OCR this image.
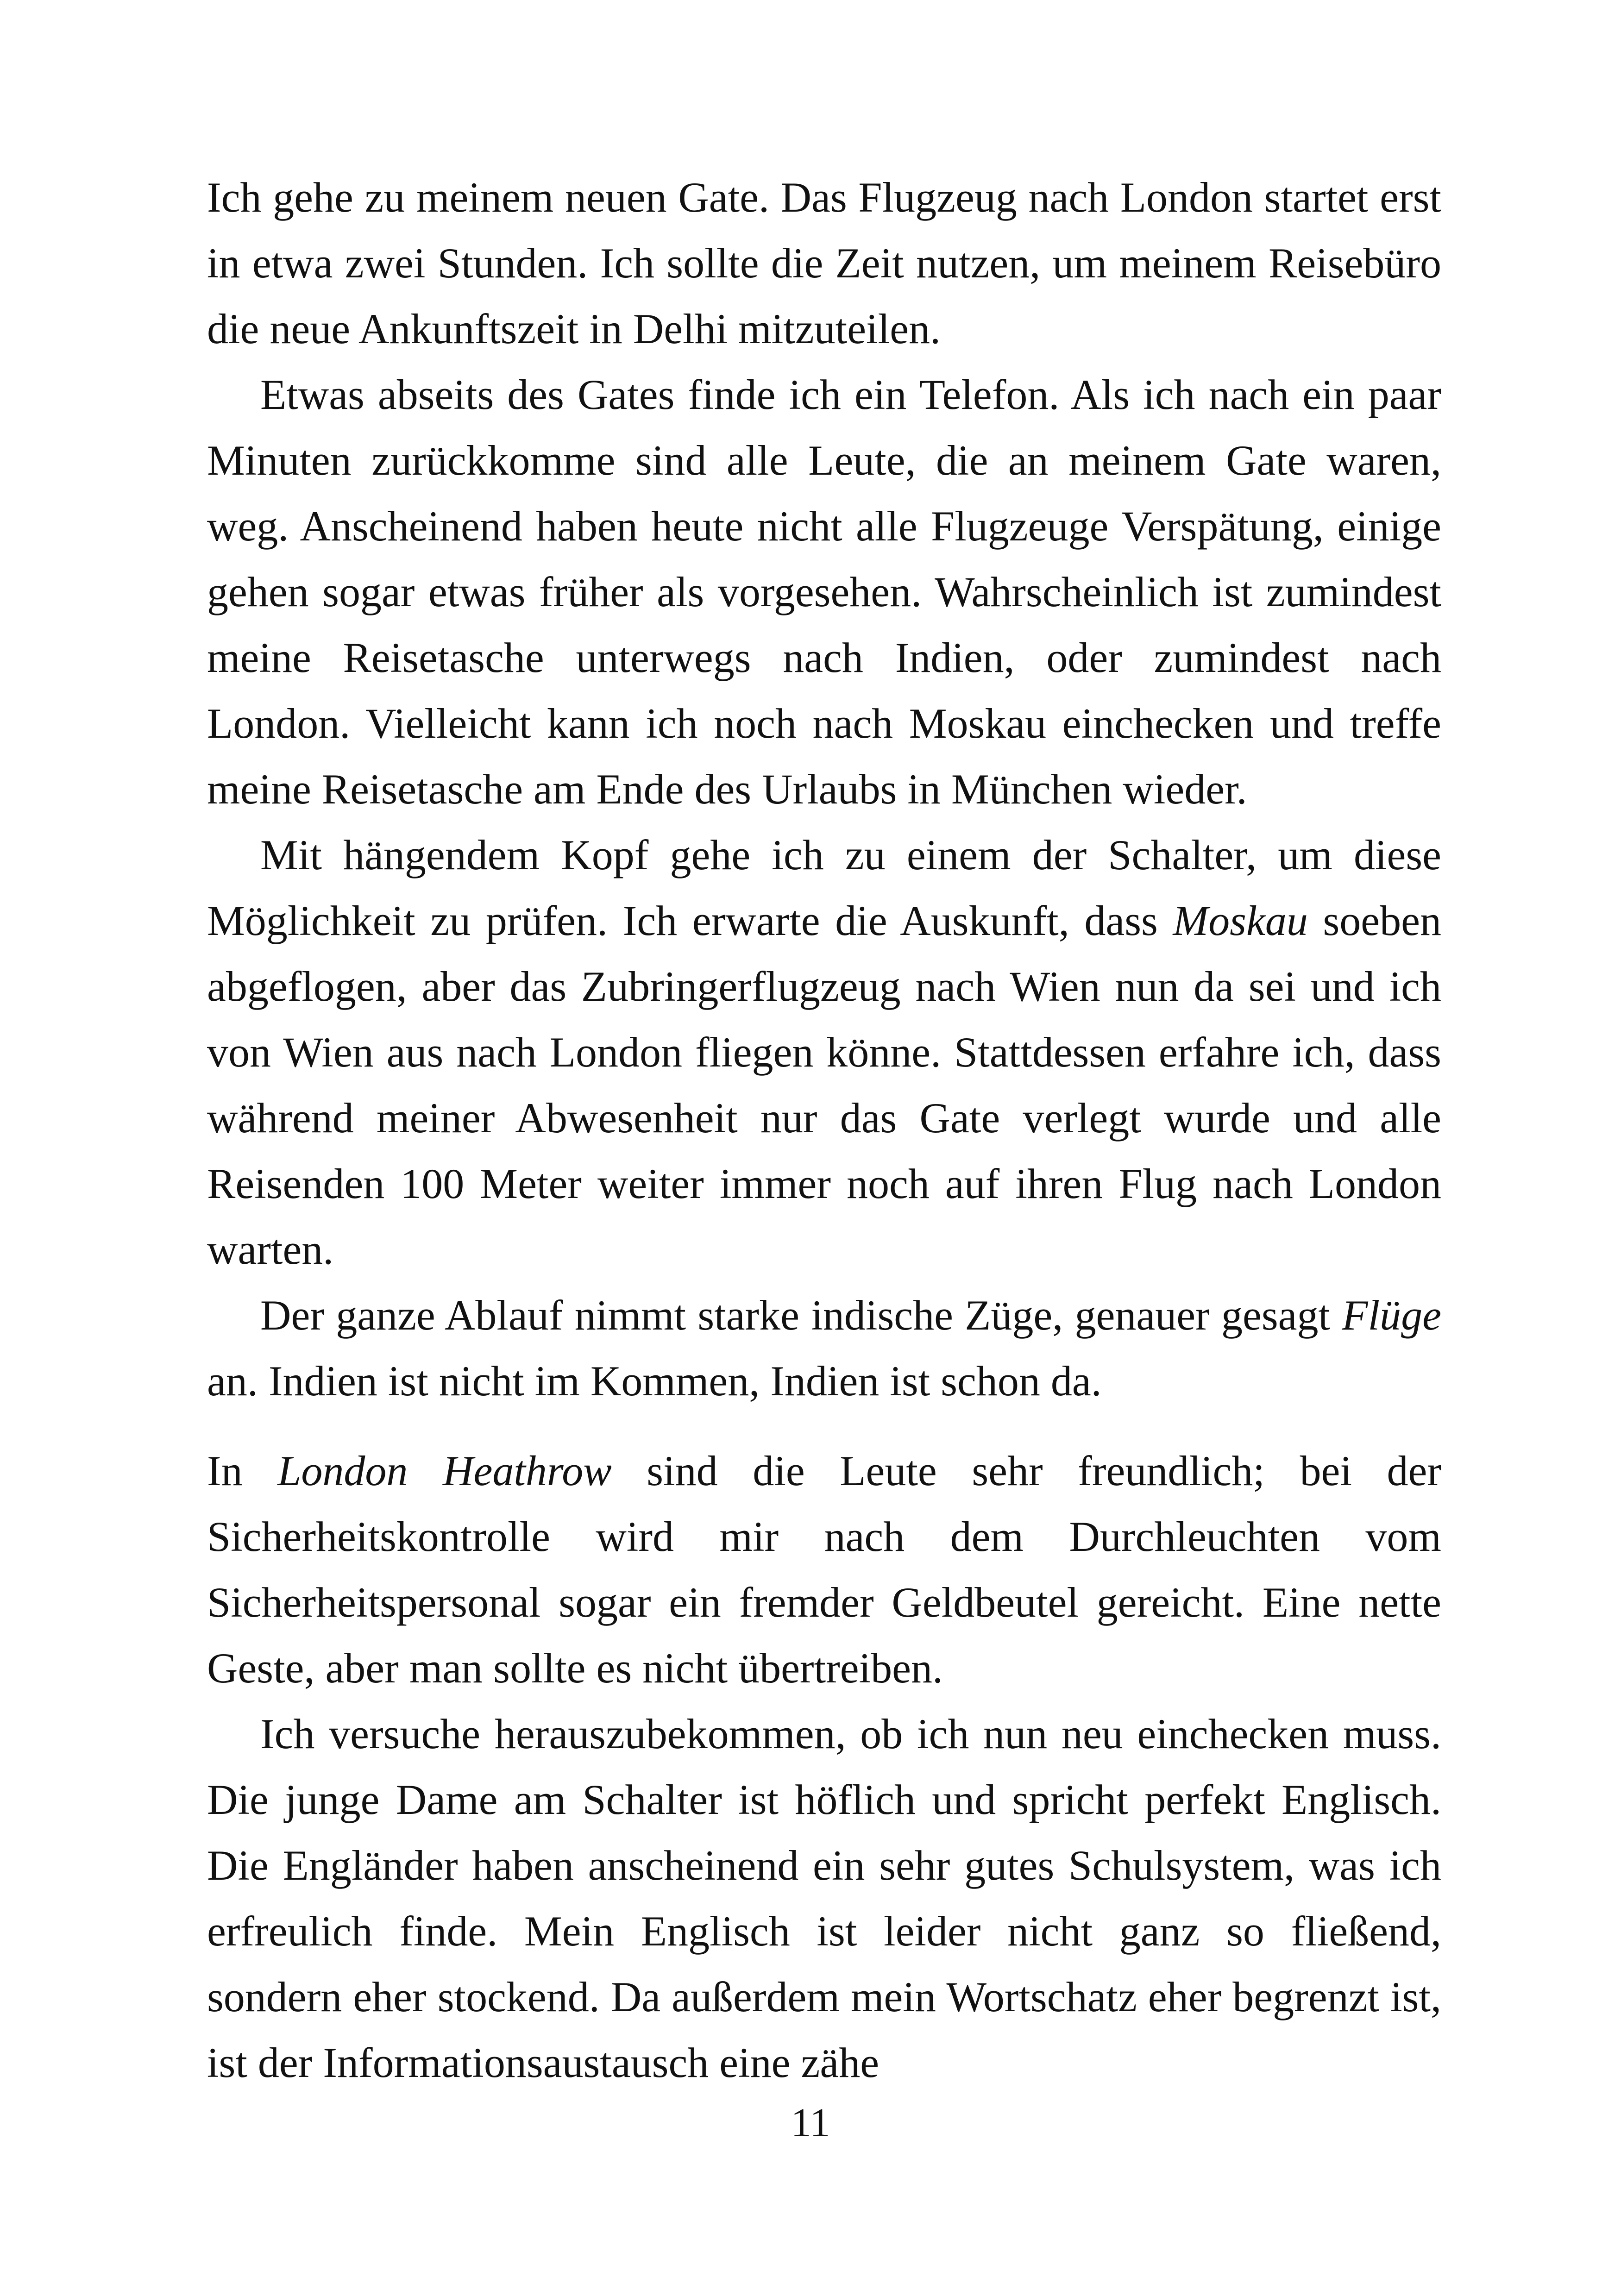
Ich gehe zu meinem neuen Gate. Das Flugzeug nach London startet erst in etwa zwei Stunden. Ich sollte die Zeit nutzen, um meinem Reisebüro die neue Ankunftszeit in Delhi mitzuteilen.

Etwas abseits des Gates finde ich ein Telefon. Als ich nach ein paar Minuten zurückkomme sind alle Leute, die an meinem Gate waren, weg. Anscheinend haben heute nicht alle Flugzeuge Verspätung, einige gehen sogar etwas früher als vorgesehen. Wahrscheinlich ist zumindest meine Reisetasche unterwegs nach Indien, oder zumindest nach London. Vielleicht kann ich noch nach Moskau einchecken und treffe meine Reisetasche am Ende des Urlaubs in München wieder.

Mit hängendem Kopf gehe ich zu einem der Schalter, um diese Möglichkeit zu prüfen. Ich erwarte die Auskunft, dass Moskau soeben abgeflogen, aber das Zubringerflugzeug nach Wien nun da sei und ich von Wien aus nach London fliegen könne. Stattdessen erfahre ich, dass während meiner Abwesenheit nur das Gate verlegt wurde und alle Reisenden 100 Meter weiter immer noch auf ihren Flug nach London warten.

Der ganze Ablauf nimmt starke indische Züge, genauer gesagt Flüge an. Indien ist nicht im Kommen, Indien ist schon da.

In London Heathrow sind die Leute sehr freundlich; bei der Sicherheitskontrolle wird mir nach dem Durchleuchten vom Sicherheitspersonal sogar ein fremder Geldbeutel gereicht. Eine nette Geste, aber man sollte es nicht übertreiben.

Ich versuche herauszubekommen, ob ich nun neu einchecken muss. Die junge Dame am Schalter ist höflich und spricht perfekt Englisch. Die Engländer haben anscheinend ein sehr gutes Schulsystem, was ich erfreulich finde. Mein Englisch ist leider nicht ganz so fließend, sondern eher stockend. Da außerdem mein Wortschatz eher begrenzt ist, ist der Informationsaustausch eine zähe

11
